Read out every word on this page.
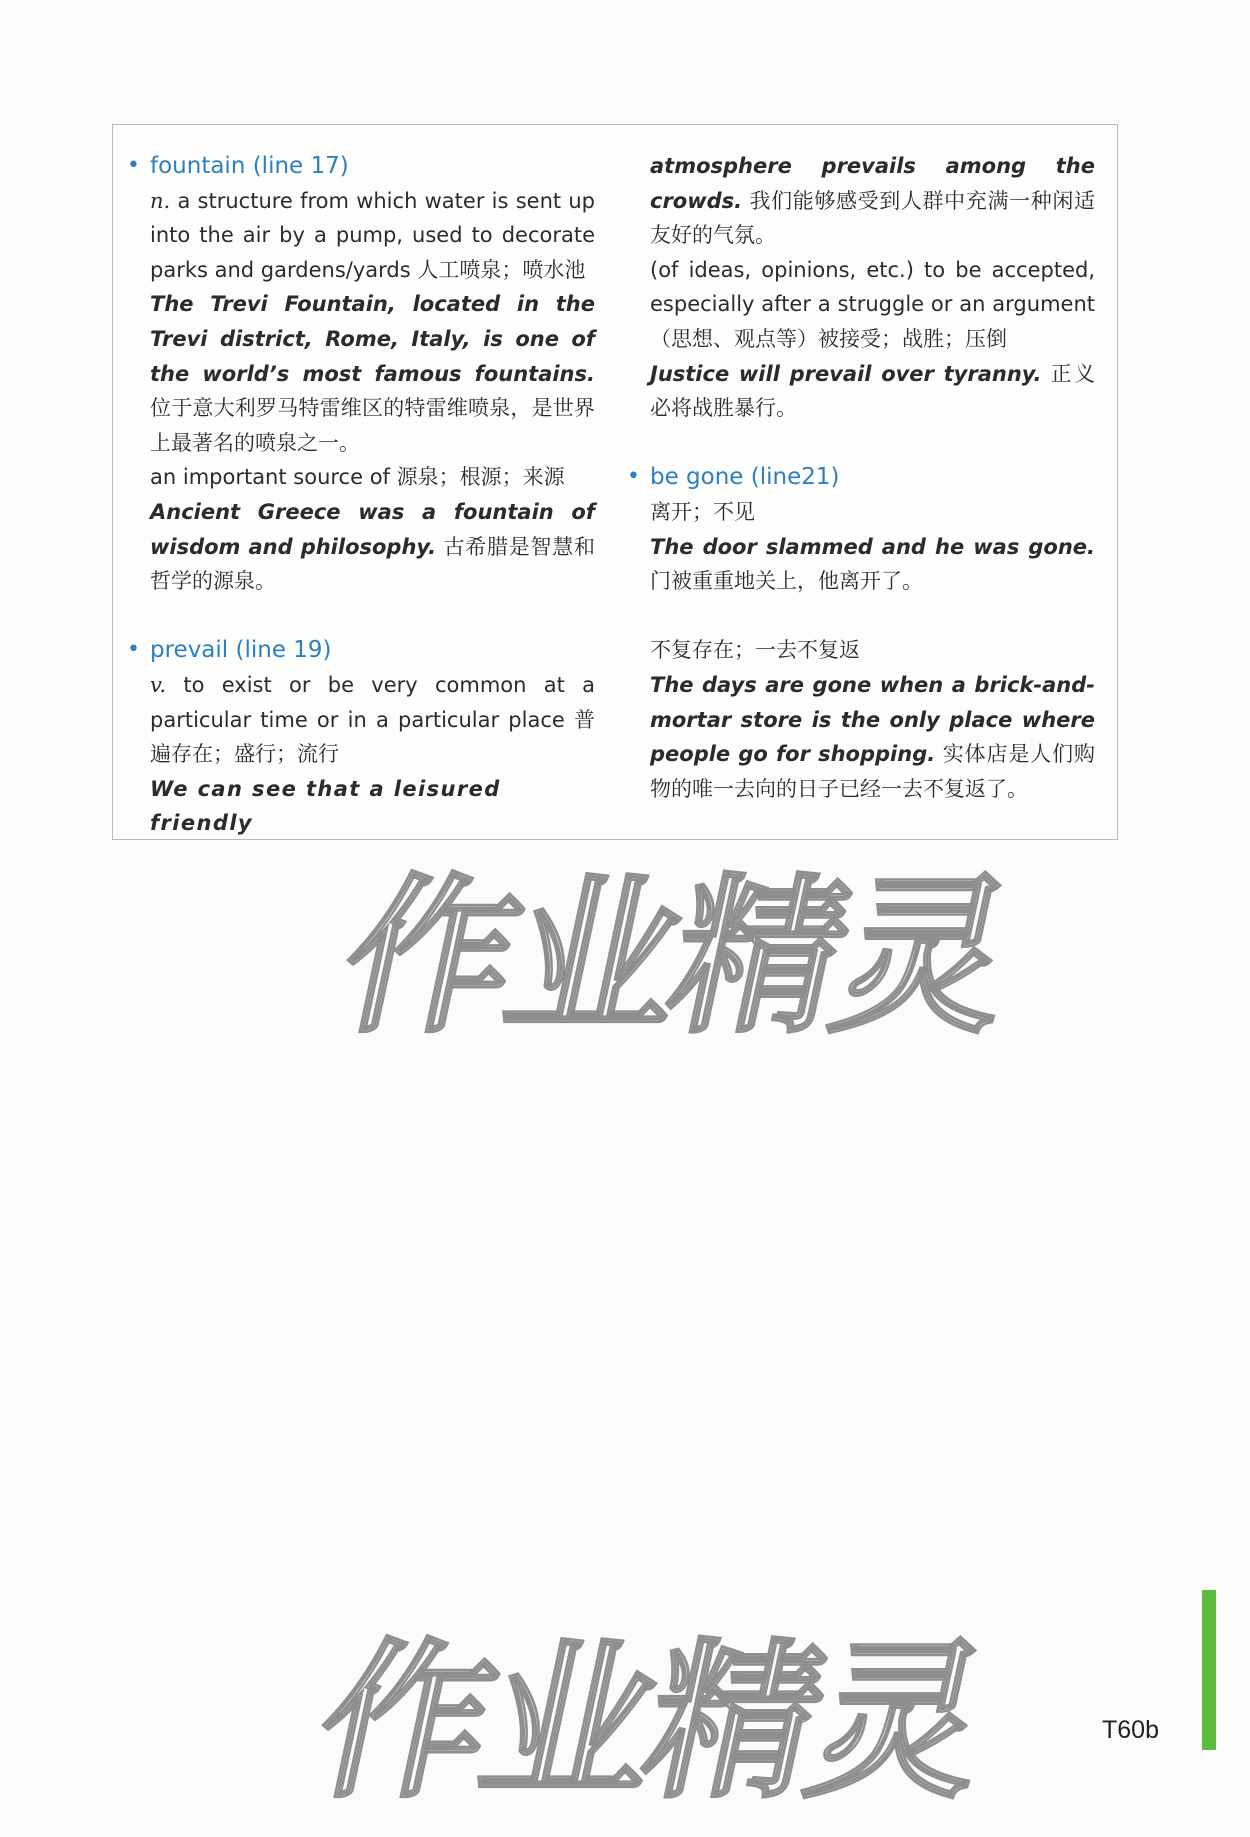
• fountain (line 17)

n. a structure from which water is sent up into the air by a pump, used to decorate parks and gardens/yards 人工喷泉；喷水池

The Trevi Fountain, located in the Trevi district, Rome, Italy, is one of the world’s most famous fountains. 位于意大利罗马特雷维区的特雷维喷泉，是世界上最著名的喷泉之一。

an important source of 源泉；根源；来源

Ancient Greece was a fountain of wisdom and philosophy. 古希腊是智慧和哲学的源泉。

• prevail (line 19)

v. to exist or be very common at a particular time or in a particular place 普遍存在；盛行；流行

We can see that a leisured friendly

atmosphere prevails among the crowds. 我们能够感受到人群中充满一种闲适友好的气氛。

(of ideas, opinions, etc.) to be accepted, especially after a struggle or an argument （思想、观点等）被接受；战胜；压倒

Justice will prevail over tyranny. 正义必将战胜暴行。

• be gone (line21)

离开；不见

The door slammed and he was gone. 门被重重地关上，他离开了。

不复存在；一去不复返

The days are gone when a brick-and-mortar store is the only place where people go for shopping. 实体店是人们购物的唯一去向的日子已经一去不复返了。

作业精灵
作业精灵	T60b
